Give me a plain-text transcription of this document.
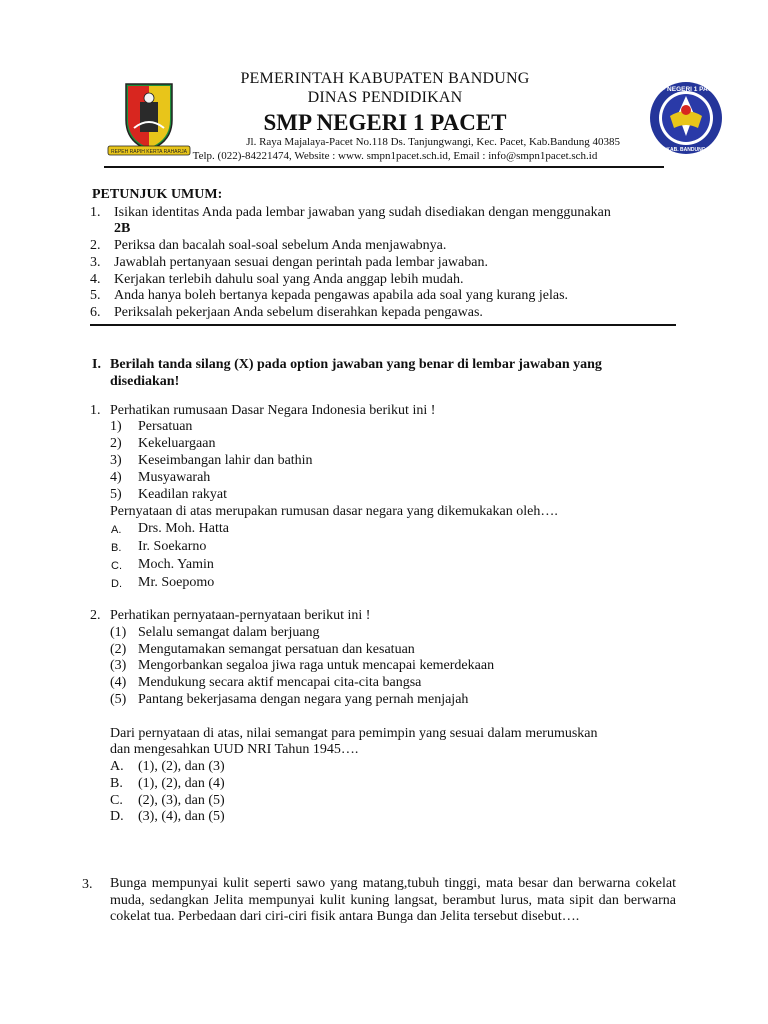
REPEH RAPIH KERTA RAHARJA
SMP NEGERI 1 PACET
KAB. BANDUNG
PEMERINTAH KABUPATEN BANDUNG
DINAS PENDIDIKAN
SMP NEGERI 1 PACET
Jl. Raya Majalaya-Pacet No.118 Ds. Tanjungwangi, Kec. Pacet, Kab.Bandung 40385
Telp. (022)-84221474, Website : www. smpn1pacet.sch.id, Email : info@smpn1pacet.sch.id
PETUNJUK UMUM:
1. Isikan identitas Anda pada lembar jawaban yang sudah disediakan dengan menggunakan
2B
2. Periksa dan bacalah soal-soal sebelum Anda menjawabnya.
3. Jawablah pertanyaan sesuai dengan perintah pada lembar jawaban.
4. Kerjakan terlebih dahulu soal yang Anda anggap lebih mudah.
5. Anda hanya boleh bertanya kepada pengawas apabila ada soal yang kurang jelas.
6. Periksalah pekerjaan Anda sebelum diserahkan kepada pengawas.
I. Berilah tanda silang (X) pada option jawaban yang benar di lembar jawaban yang
disediakan!
1. Perhatikan rumusaan Dasar Negara Indonesia berikut ini !
1) Persatuan
2) Kekeluargaan
3) Keseimbangan lahir dan bathin
4) Musyawarah
5) Keadilan rakyat
Pernyataan di atas merupakan rumusan dasar negara yang dikemukakan oleh….
A. Drs. Moh. Hatta
B. Ir. Soekarno
C. Moch. Yamin
D. Mr. Soepomo
2. Perhatikan pernyataan-pernyataan berikut ini !
(1) Selalu semangat dalam berjuang
(2) Mengutamakan semangat persatuan dan kesatuan
(3) Mengorbankan segaloa jiwa raga untuk mencapai kemerdekaan
(4) Mendukung secara aktif mencapai cita-cita bangsa
(5) Pantang bekerjasama dengan negara yang pernah menjajah
Dari pernyataan di atas, nilai semangat para pemimpin yang sesuai dalam merumuskan
dan mengesahkan UUD NRI Tahun 1945….
A. (1), (2), dan (3)
B. (1), (2), dan (4)
C. (2), (3), dan (5)
D. (3), (4), dan (5)
3. Bunga mempunyai kulit seperti sawo yang matang,tubuh tinggi, mata besar dan berwarna cokelat muda, sedangkan Jelita mempunyai kulit kuning langsat, berambut lurus, mata sipit dan berwarna cokelat tua. Perbedaan dari ciri-ciri fisik antara Bunga dan Jelita tersebut disebut….
